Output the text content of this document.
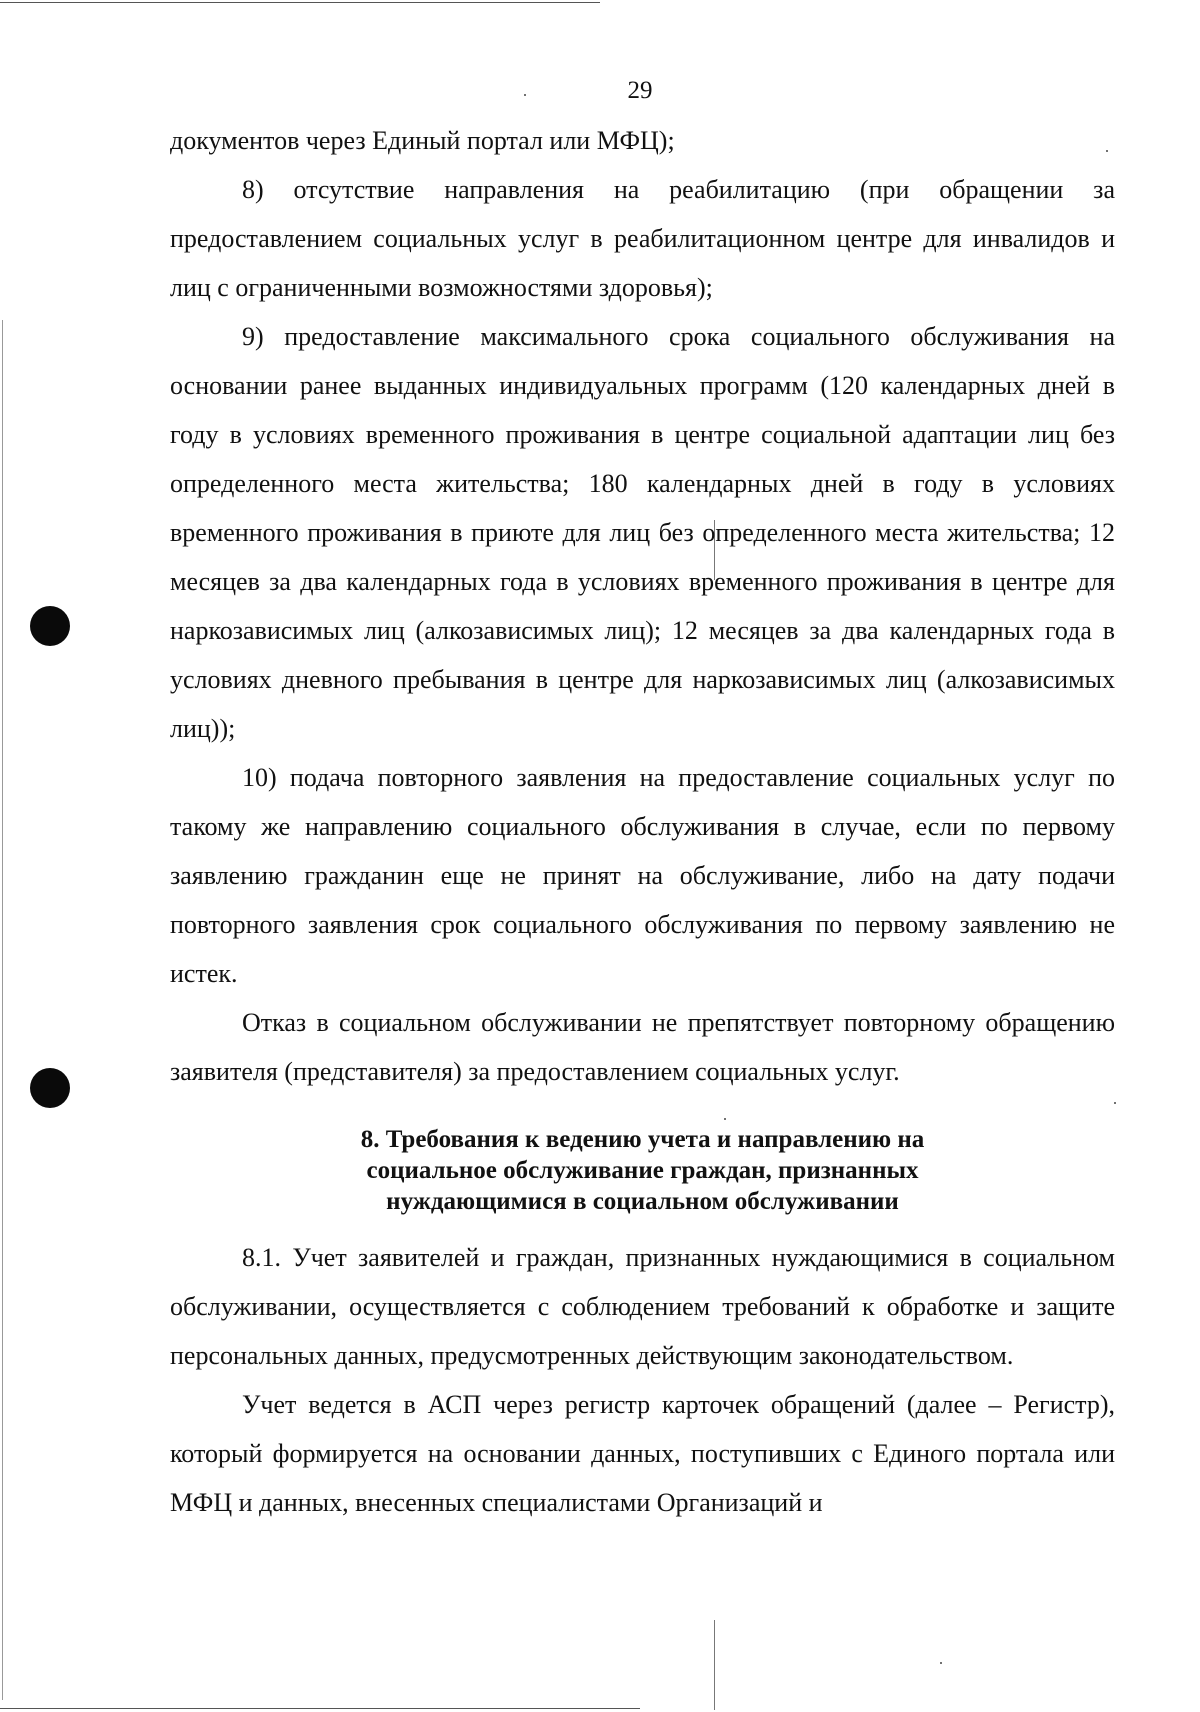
29

документов через Единый портал или МФЦ);

8) отсутствие направления на реабилитацию (при обращении за предоставлением социальных услуг в реабилитационном центре для инвалидов и лиц с ограниченными возможностями здоровья);

9) предоставление максимального срока социального обслуживания на основании ранее выданных индивидуальных программ (120 календарных дней в году в условиях временного проживания в центре социальной адаптации лиц без определенного места жительства; 180 календарных дней в году в условиях временного проживания в приюте для лиц без определенного места жительства; 12 месяцев за два календарных года в условиях временного проживания в центре для наркозависимых лиц (алкозависимых лиц); 12 месяцев за два календарных года в условиях дневного пребывания в центре для наркозависимых лиц (алкозависимых лиц));

10) подача повторного заявления на предоставление социальных услуг по такому же направлению социального обслуживания в случае, если по первому заявлению гражданин еще не принят на обслуживание, либо на дату подачи повторного заявления срок социального обслуживания по первому заявлению не истек.

Отказ в социальном обслуживании не препятствует повторному обращению заявителя (представителя) за предоставлением социальных услуг.

8. Требования к ведению учета и направлению на
социальное обслуживание граждан, признанных
нуждающимися в социальном обслуживании

8.1. Учет заявителей и граждан, признанных нуждающимися в социальном обслуживании, осуществляется с соблюдением требований к обработке и защите персональных данных, предусмотренных действующим законодательством.

Учет ведется в АСП через регистр карточек обращений (далее – Регистр), который формируется на основании данных, поступивших с Единого портала или МФЦ и данных, внесенных специалистами Организаций и
